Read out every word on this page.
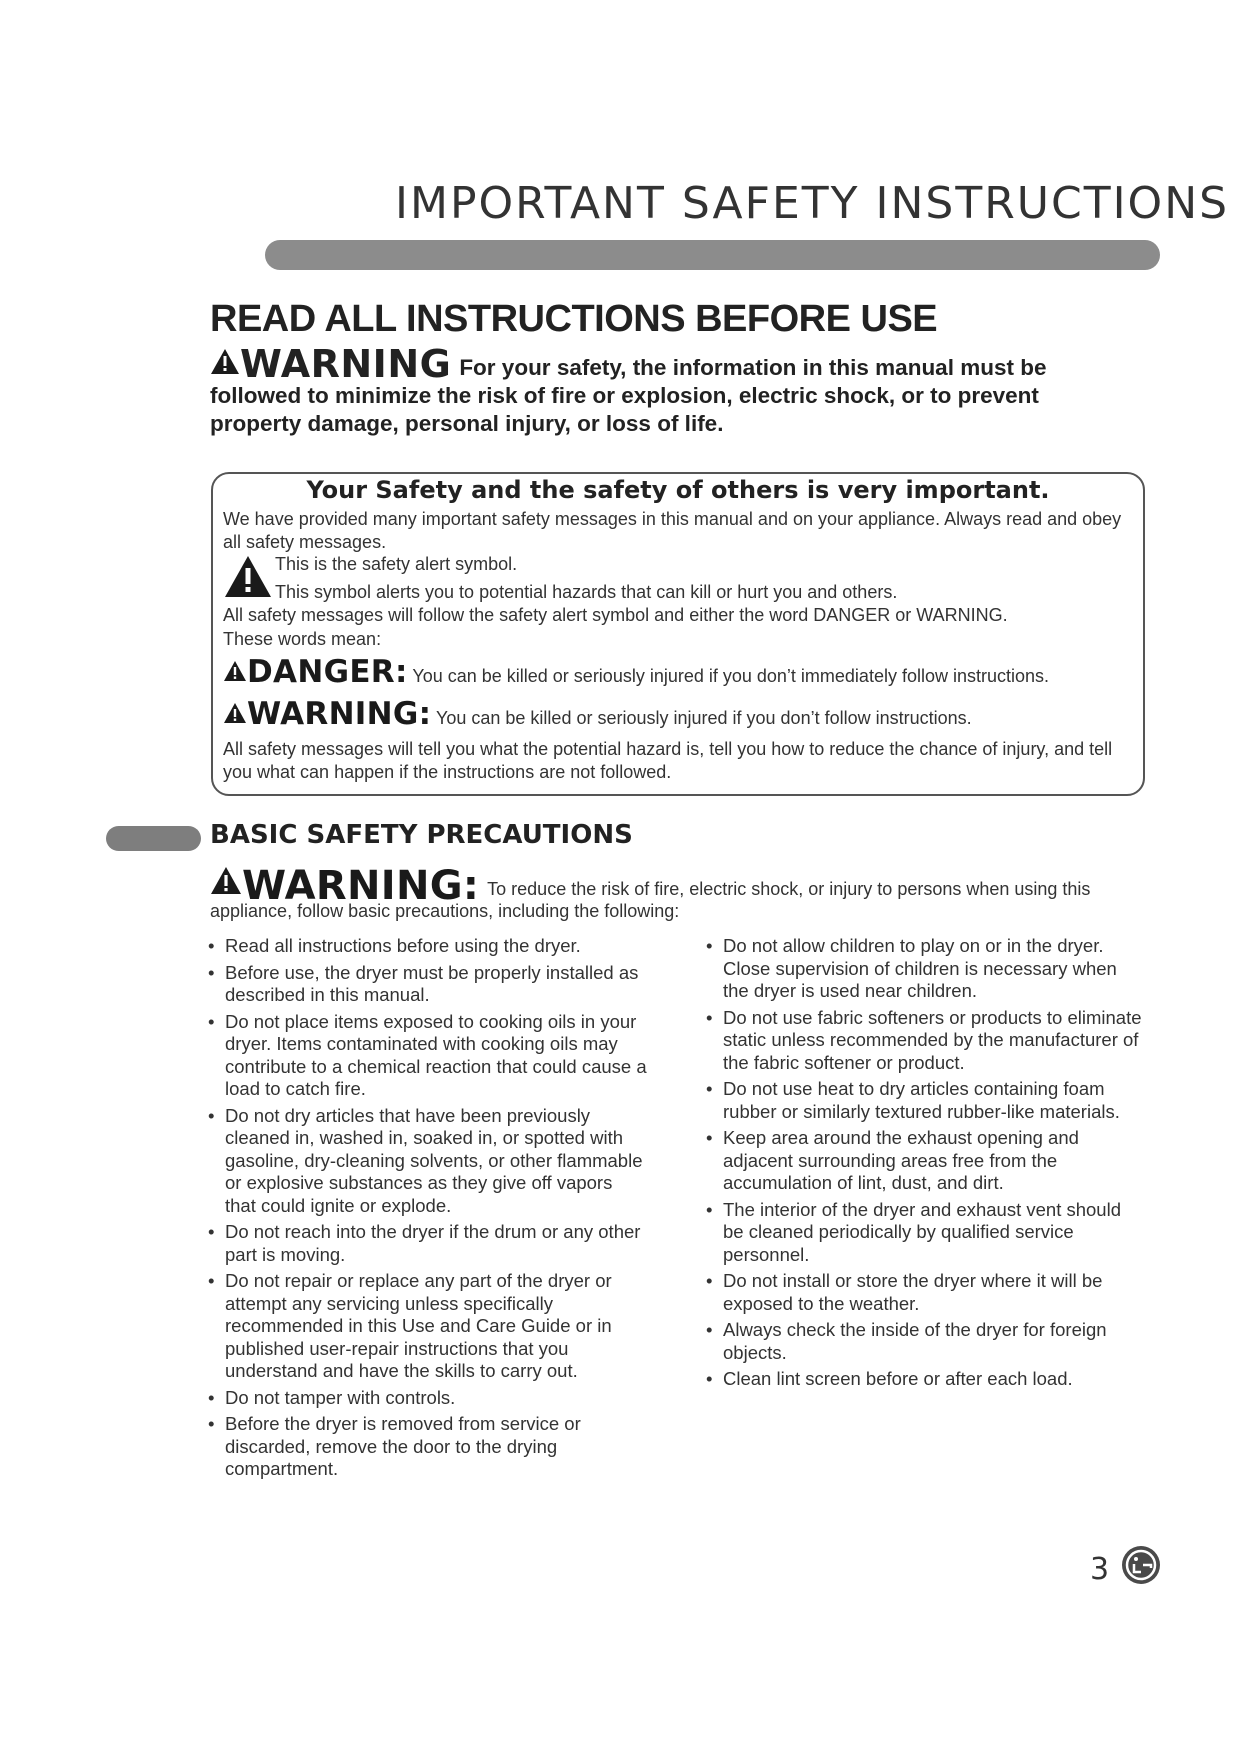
IMPORTANT SAFETY INSTRUCTIONS
READ ALL INSTRUCTIONS BEFORE USE
WARNING For your safety, the information in this manual must be followed to minimize the risk of fire or explosion, electric shock, or to prevent property damage, personal injury, or loss of life.
Your Safety and the safety of others is very important.
We have provided many important safety messages in this manual and on your appliance. Always read and obey all safety messages.
This is the safety alert symbol.
This symbol alerts you to potential hazards that can kill or hurt you and others.
All safety messages will follow the safety alert symbol and either the word DANGER or WARNING.
These words mean:
DANGER: You can be killed or seriously injured if you don’t immediately follow instructions.
WARNING: You can be killed or seriously injured if you don’t follow instructions.
All safety messages will tell you what the potential hazard is, tell you how to reduce the chance of injury, and tell you what can happen if the instructions are not followed.
BASIC SAFETY PRECAUTIONS
WARNING: To reduce the risk of fire, electric shock, or injury to persons when using this appliance, follow basic precautions, including the following:
• Read all instructions before using the dryer.
• Before use, the dryer must be properly installed as described in this manual.
• Do not place items exposed to cooking oils in your dryer. Items contaminated with cooking oils may contribute to a chemical reaction that could cause a load to catch fire.
• Do not dry articles that have been previously cleaned in, washed in, soaked in, or spotted with gasoline, dry-cleaning solvents, or other flammable or explosive substances as they give off vapors that could ignite or explode.
• Do not reach into the dryer if the drum or any other part is moving.
• Do not repair or replace any part of the dryer or attempt any servicing unless specifically recommended in this Use and Care Guide or in published user-repair instructions that you understand and have the skills to carry out.
• Do not tamper with controls.
• Before the dryer is removed from service or discarded, remove the door to the drying compartment.
• Do not allow children to play on or in the dryer. Close supervision of children is necessary when the dryer is used near children.
• Do not use fabric softeners or products to eliminate static unless recommended by the manufacturer of the fabric softener or product.
• Do not use heat to dry articles containing foam rubber or similarly textured rubber-like materials.
• Keep area around the exhaust opening and adjacent surrounding areas free from the accumulation of lint, dust, and dirt.
• The interior of the dryer and exhaust vent should be cleaned periodically by qualified service personnel.
• Do not install or store the dryer where it will be exposed to the weather.
• Always check the inside of the dryer for foreign objects.
• Clean lint screen before or after each load.
3
